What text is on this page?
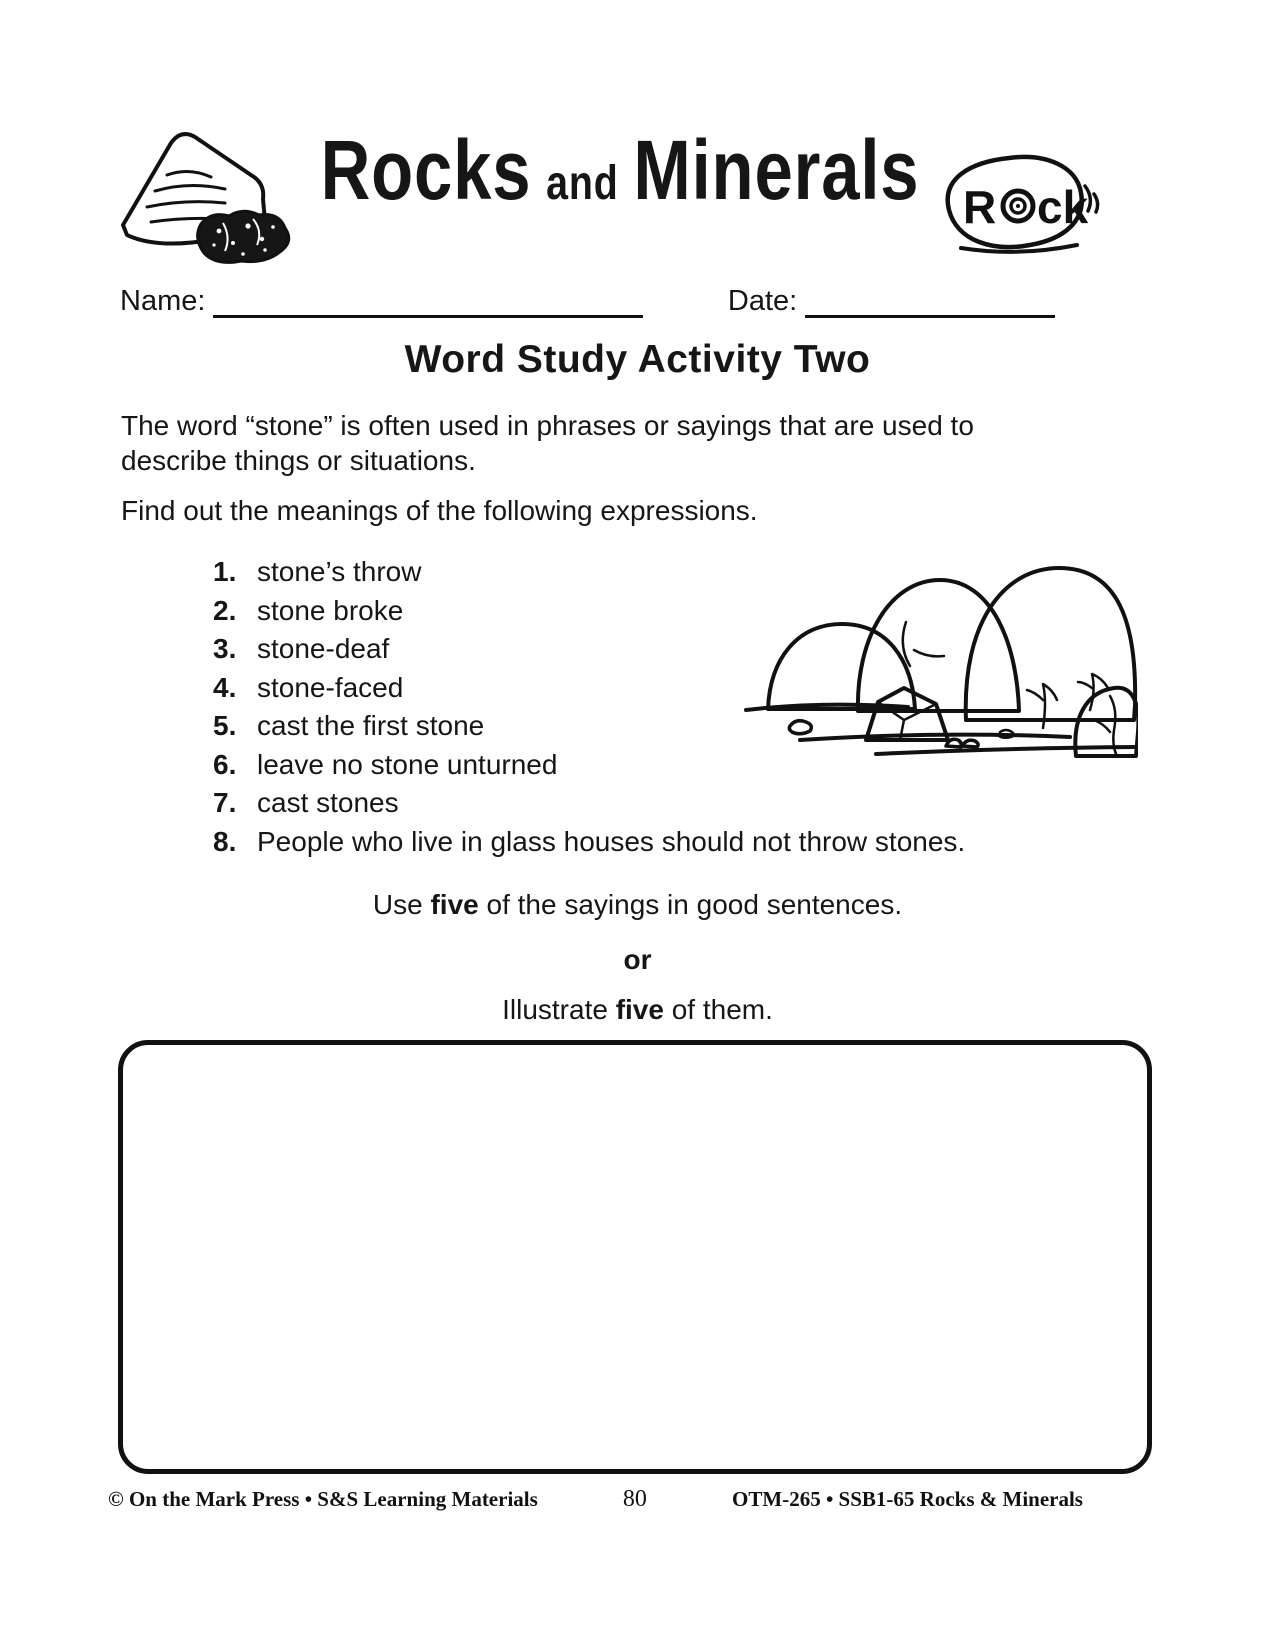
Rocks and Minerals R ck
Name:	Date:
Word Study Activity Two

The word “stone” is often used in phrases or sayings that are used to describe things or situations.

Find out the meanings of the following expressions.

1. stone’s throw
2. stone broke
3. stone-deaf
4. stone-faced
5. cast the first stone
6. leave no stone unturned
7. cast stones
8. People who live in glass houses should not throw stones.
Use five of the sayings in good sentences.
or
Illustrate five of them.
© On the Mark Press • S&S Learning Materials	80	OTM-265 • SSB1-65 Rocks & Minerals
